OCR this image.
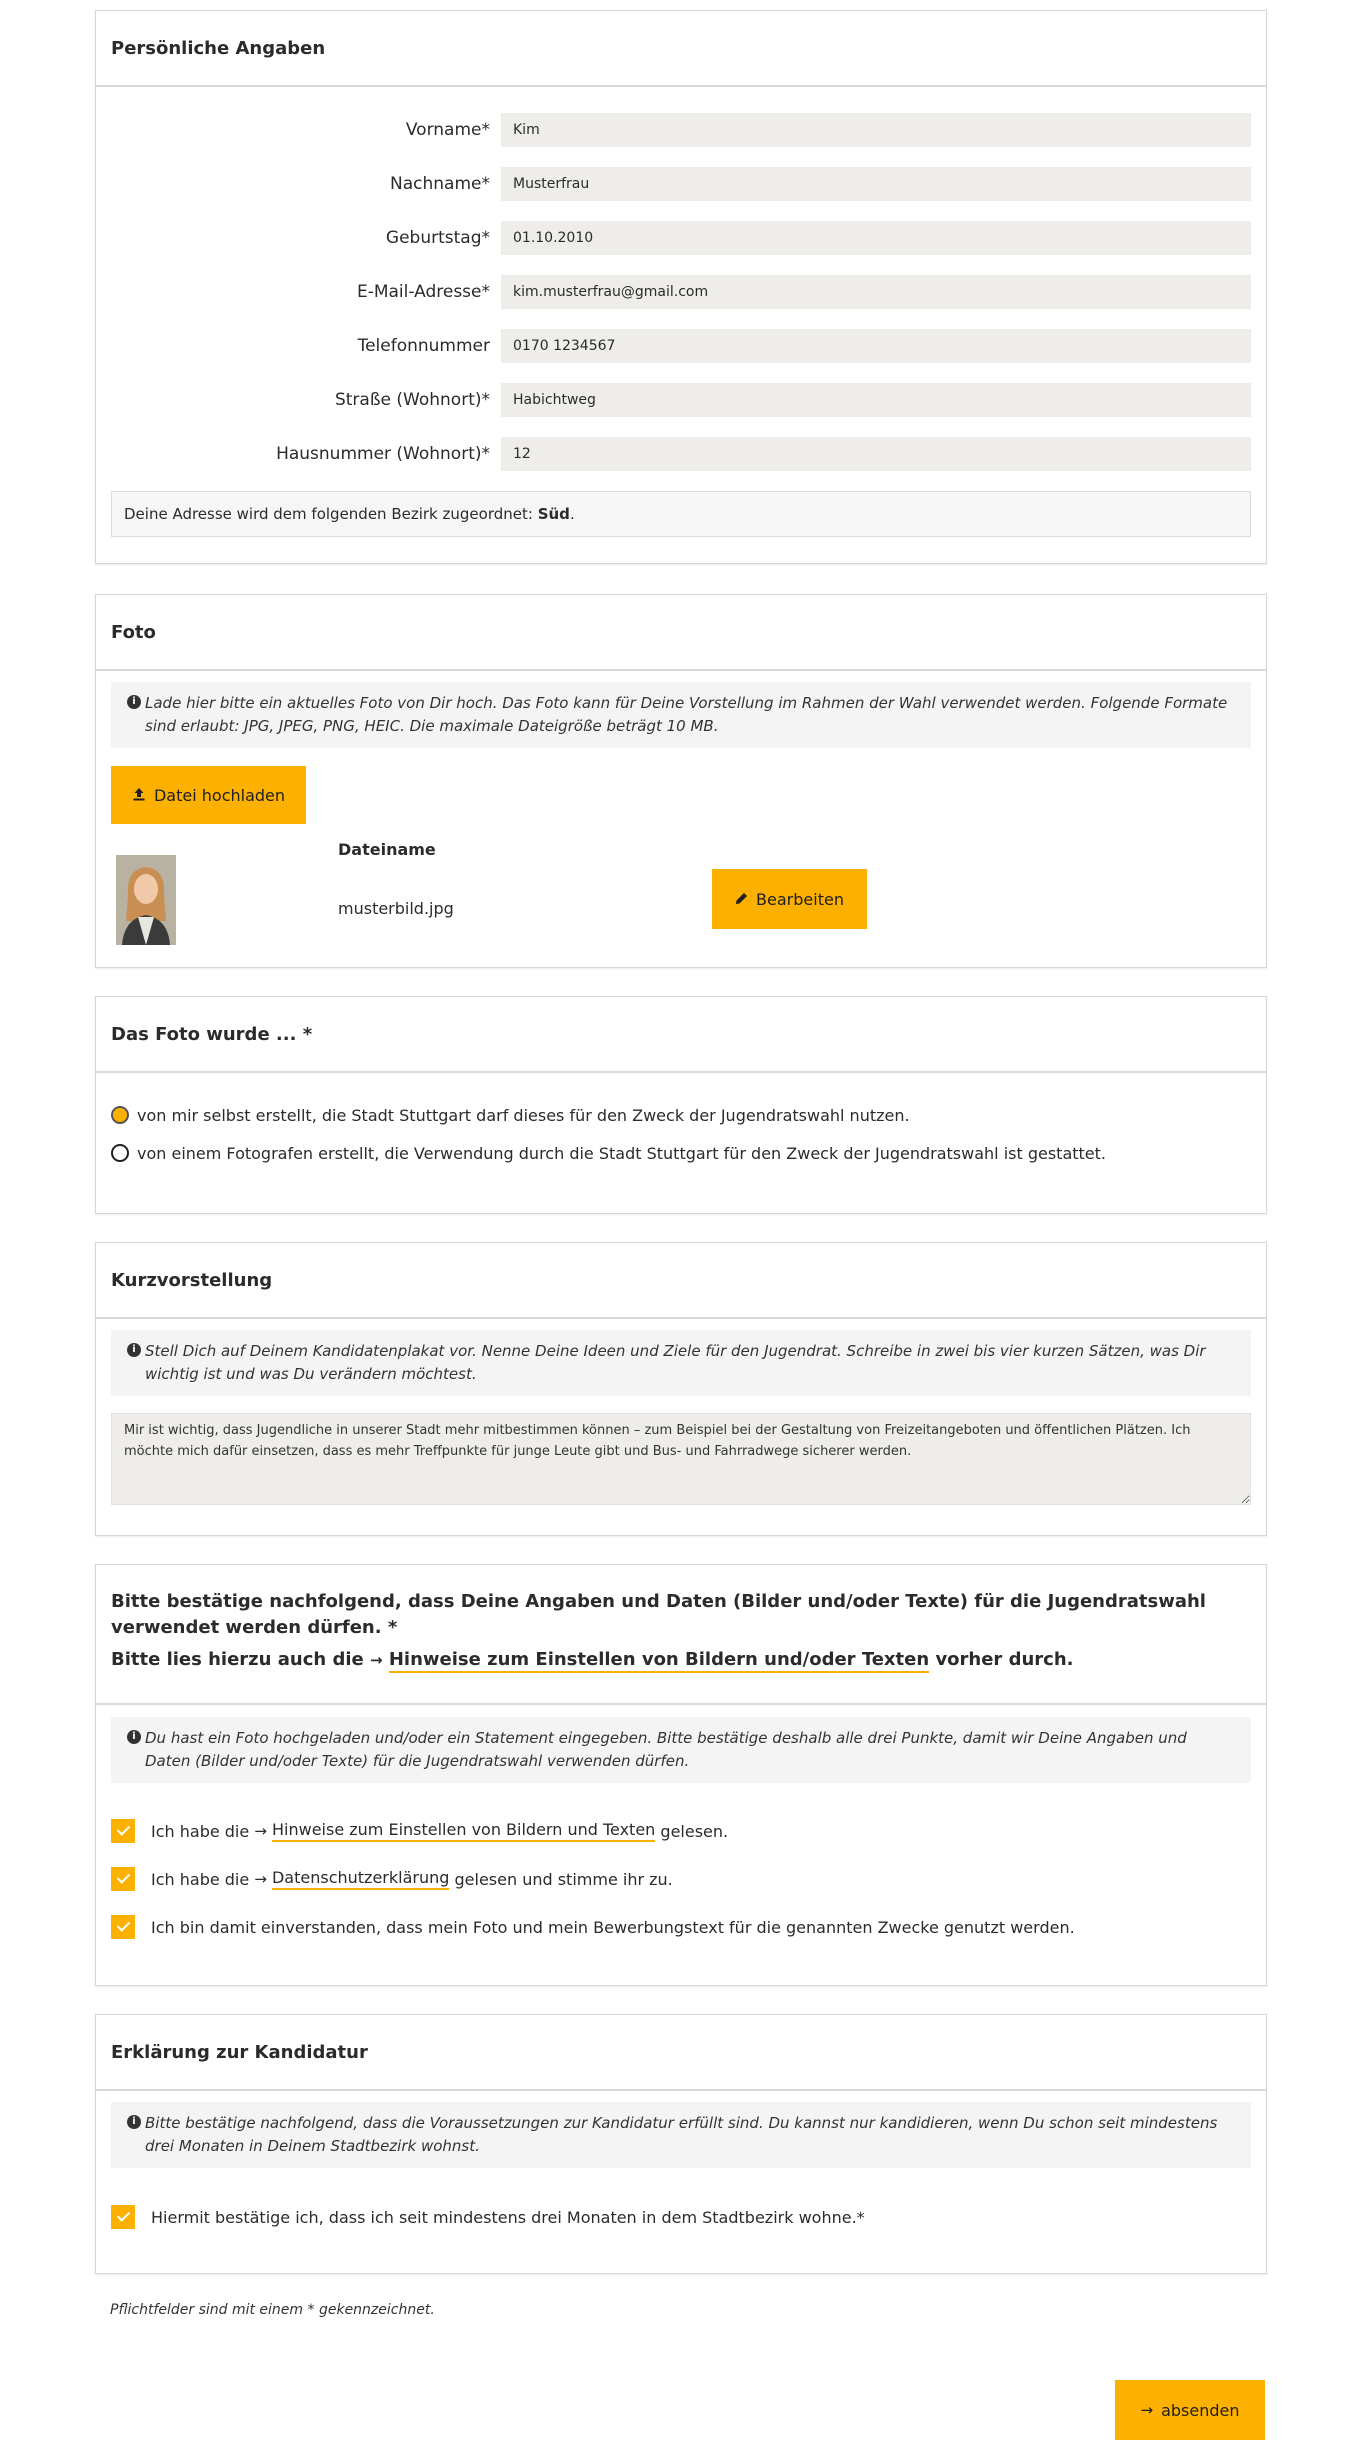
Persönliche Angaben
Vorname*
Kim
Nachname*
Musterfrau
Geburtstag*
01.10.2010
E-Mail-Adresse*
kim.musterfrau@gmail.com
Telefonnummer
0170 1234567
Straße (Wohnort)*
Habichtweg
Hausnummer (Wohnort)*
12
Deine Adresse wird dem folgenden Bezirk zugeordnet: Süd.
Foto
i Lade hier bitte ein aktuelles Foto von Dir hoch. Das Foto kann für Deine Vorstellung im Rahmen der Wahl verwendet werden. Folgende Formate sind erlaubt: JPG, JPEG, PNG, HEIC. Die maximale Dateigröße beträgt 10 MB.
Datei hochladen
Dateiname
musterbild.jpg	Bearbeiten
Das Foto wurde ... *
von mir selbst erstellt, die Stadt Stuttgart darf dieses für den Zweck der Jugendratswahl nutzen.
von einem Fotografen erstellt, die Verwendung durch die Stadt Stuttgart für den Zweck der Jugendratswahl ist gestattet.
Kurzvorstellung
i Stell Dich auf Deinem Kandidatenplakat vor. Nenne Deine Ideen und Ziele für den Jugendrat. Schreibe in zwei bis vier kurzen Sätzen, was Dir wichtig ist und was Du verändern möchtest.
Mir ist wichtig, dass Jugendliche in unserer Stadt mehr mitbestimmen können – zum Beispiel bei der Gestaltung von Freizeitangeboten und öffentlichen Plätzen. Ich möchte mich dafür einsetzen, dass es mehr Treffpunkte für junge Leute gibt und Bus- und Fahrradwege sicherer werden.
Bitte bestätige nachfolgend, dass Deine Angaben und Daten (Bilder und/oder Texte) für die Jugendratswahl verwendet werden dürfen. *
Bitte lies hierzu auch die → Hinweise zum Einstellen von Bildern und/oder Texten vorher durch.
i Du hast ein Foto hochgeladen und/oder ein Statement eingegeben. Bitte bestätige deshalb alle drei Punkte, damit wir Deine Angaben und Daten (Bilder und/oder Texte) für die Jugendratswahl verwenden dürfen.
Ich habe die
→
Hinweise zum Einstellen von Bildern und Texten
gelesen.
Ich habe die
→
Datenschutzerklärung
gelesen und stimme ihr zu.
Ich bin damit einverstanden, dass mein Foto und mein Bewerbungstext für die genannten Zwecke genutzt werden.
Erklärung zur Kandidatur
i Bitte bestätige nachfolgend, dass die Voraussetzungen zur Kandidatur erfüllt sind. Du kannst nur kandidieren, wenn Du schon seit mindestens drei Monaten in Deinem Stadtbezirk wohnst.
Hiermit bestätige ich, dass ich seit mindestens drei Monaten in dem Stadtbezirk wohne.*
Pflichtfelder sind mit einem * gekennzeichnet.
→ absenden
